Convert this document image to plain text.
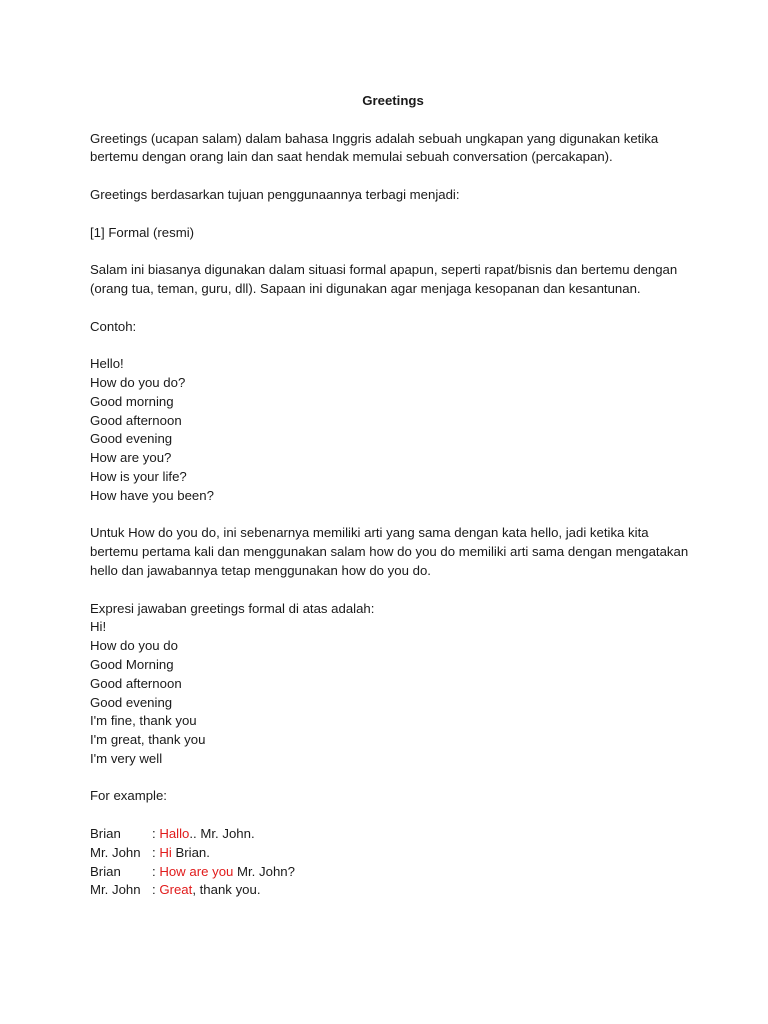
Greetings

Greetings (ucapan salam) dalam bahasa Inggris adalah sebuah ungkapan yang digunakan ketika bertemu dengan orang lain dan saat hendak memulai sebuah conversation (percakapan).

Greetings berdasarkan tujuan penggunaannya terbagi menjadi:

[1] Formal (resmi)

Salam ini biasanya digunakan dalam situasi formal apapun, seperti rapat/bisnis dan bertemu dengan (orang tua, teman, guru, dll). Sapaan ini digunakan agar menjaga kesopanan dan kesantunan.

Contoh:

Hello!
How do you do?
Good morning
Good afternoon
Good evening
How are you?
How is your life?
How have you been?

Untuk How do you do, ini sebenarnya memiliki arti yang sama dengan kata hello, jadi ketika kita bertemu pertama kali dan menggunakan salam how do you do memiliki arti sama dengan mengatakan hello dan jawabannya tetap menggunakan how do you do.

Expresi jawaban greetings formal di atas adalah:
Hi!
How do you do
Good Morning
Good afternoon
Good evening
I'm fine, thank you
I'm great, thank you
I'm very well

For example:

Brian	: Hallo .. Mr. John.
Mr. John : Hi Brian.
Brian	: How are you Mr. John?
Mr. John : Great , thank you.
